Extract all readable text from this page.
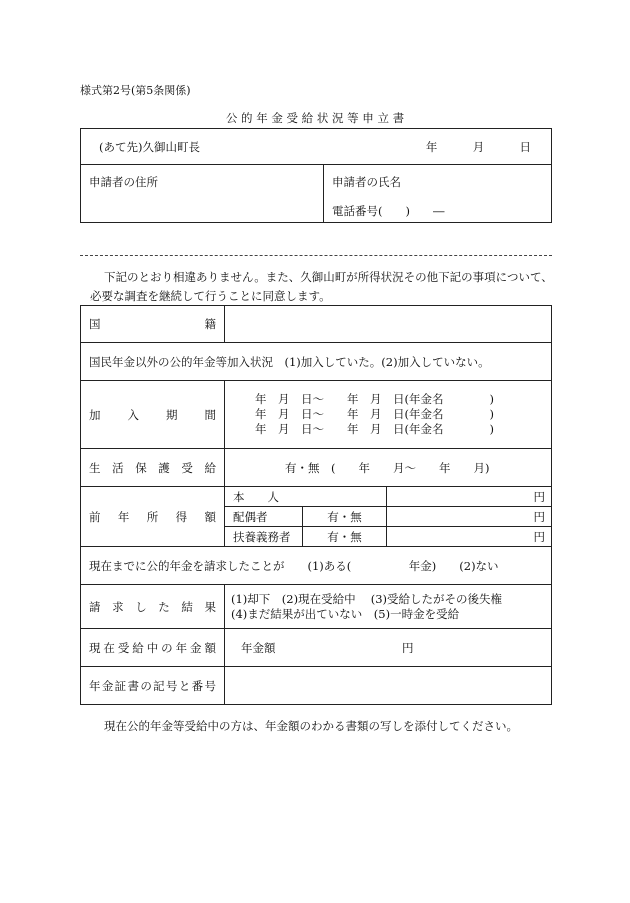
様式第2号(第5条関係)
公 的 年 金 受 給 状 況 等 申 立 書
(あて先)久御山町長	年	月	日

申請者の住所	申請者の氏名
電話番号(　　)　　―
下記のとおり相違ありません。また、久御山町が所得状況その他下記の事項について、
必要な調査を継続して行うことに同意します。
国　籍			
国民年金以外の公的年金等加入状況　(1)加入していた。(2)加入していない。			
加入期間	年　月　日～　　年　月　日(年金名　　　　)
年　月　日～　　年　月　日(年金名　　　　)
年　月　日～　　年　月　日(年金名　　　　)		

生活保護受給	有・無　(　　年　　月～　　年　　月)		
前年所得額	本　　人		円
	配偶者	有・無	円
	扶養義務者	有・無	円
現在までに公的年金を請求したことが　　(1)ある(　　　　　年金)　　(2)ない			
請求した結果	(1)却下　(2)現在受給中　 (3)受給したがその後失権
(4)まだ結果が出ていない　(5)一時金を受給		

現在受給中の年金額	年金額　　　　　　　　　　　円		
年金証書の記号と番号			
現在公的年金等受給中の方は、年金額のわかる書類の写しを添付してください。
